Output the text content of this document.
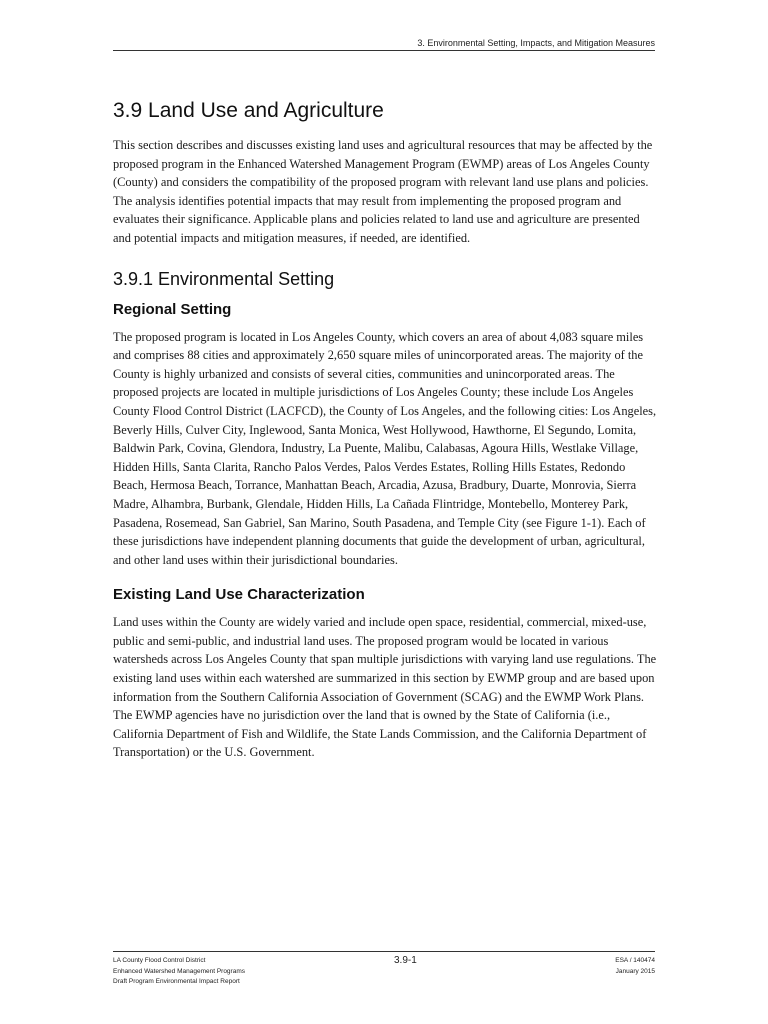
3. Environmental Setting, Impacts, and Mitigation Measures
3.9 Land Use and Agriculture

This section describes and discusses existing land uses and agricultural resources that may be affected by the proposed program in the Enhanced Watershed Management Program (EWMP) areas of Los Angeles County (County) and considers the compatibility of the proposed program with relevant land use plans and policies. The analysis identifies potential impacts that may result from implementing the proposed program and evaluates their significance. Applicable plans and policies related to land use and agriculture are presented and potential impacts and mitigation measures, if needed, are identified.

3.9.1 Environmental Setting
Regional Setting

The proposed program is located in Los Angeles County, which covers an area of about 4,083 square miles and comprises 88 cities and approximately 2,650 square miles of unincorporated areas. The majority of the County is highly urbanized and consists of several cities, communities and unincorporated areas. The proposed projects are located in multiple jurisdictions of Los Angeles County; these include Los Angeles County Flood Control District (LACFCD), the County of Los Angeles, and the following cities: Los Angeles, Beverly Hills, Culver City, Inglewood, Santa Monica, West Hollywood, Hawthorne, El Segundo, Lomita, Baldwin Park, Covina, Glendora, Industry, La Puente, Malibu, Calabasas, Agoura Hills, Westlake Village, Hidden Hills, Santa Clarita, Rancho Palos Verdes, Palos Verdes Estates, Rolling Hills Estates, Redondo Beach, Hermosa Beach, Torrance, Manhattan Beach, Arcadia, Azusa, Bradbury, Duarte, Monrovia, Sierra Madre, Alhambra, Burbank, Glendale, Hidden Hills, La Cañada Flintridge, Montebello, Monterey Park, Pasadena, Rosemead, San Gabriel, San Marino, South Pasadena, and Temple City (see Figure 1-1). Each of these jurisdictions have independent planning documents that guide the development of urban, agricultural, and other land uses within their jurisdictional boundaries.

Existing Land Use Characterization

Land uses within the County are widely varied and include open space, residential, commercial, mixed-use, public and semi-public, and industrial land uses. The proposed program would be located in various watersheds across Los Angeles County that span multiple jurisdictions with varying land use regulations. The existing land uses within each watershed are summarized in this section by EWMP group and are based upon information from the Southern California Association of Government (SCAG) and the EWMP Work Plans. The EWMP agencies have no jurisdiction over the land that is owned by the State of California (i.e., California Department of Fish and Wildlife, the State Lands Commission, and the California Department of Transportation) or the U.S. Government.

LA County Flood Control District
Enhanced Watershed Management Programs
Draft Program Environmental Impact Report
3.9-1	ESA / 140474
January 2015
